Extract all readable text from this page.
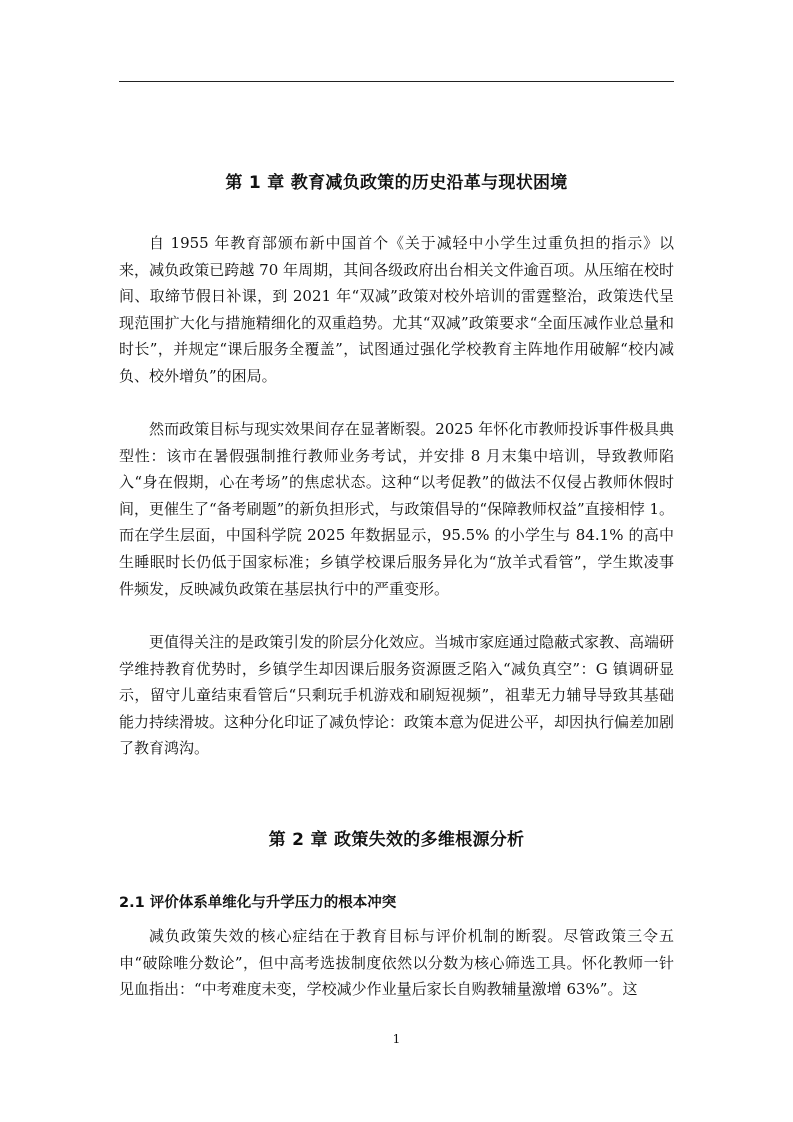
第 1 章 教育减负政策的历史沿革与现状困境

自 1955 年教育部颁布新中国首个《关于减轻中小学生过重负担的指示》以来，减负政策已跨越 70 年周期，其间各级政府出台相关文件逾百项。从压缩在校时间、取缔节假日补课，到 2021 年“双减”政策对校外培训的雷霆整治，政策迭代呈现范围扩大化与措施精细化的双重趋势。尤其“双减”政策要求“全面压减作业总量和时长”，并规定“课后服务全覆盖”，试图通过强化学校教育主阵地作用破解“校内减负、校外增负”的困局。

然而政策目标与现实效果间存在显著断裂。2025 年怀化市教师投诉事件极具典型性：该市在暑假强制推行教师业务考试，并安排 8 月末集中培训，导致教师陷入“身在假期，心在考场”的焦虑状态。这种“以考促教”的做法不仅侵占教师休假时间，更催生了“备考刷题”的新负担形式，与政策倡导的“保障教师权益”直接相悖 1。而在学生层面，中国科学院 2025 年数据显示，95.5% 的小学生与 84.1% 的高中生睡眠时长仍低于国家标准；乡镇学校课后服务异化为“放羊式看管”，学生欺凌事件频发，反映减负政策在基层执行中的严重变形。

更值得关注的是政策引发的阶层分化效应。当城市家庭通过隐蔽式家教、高端研学维持教育优势时，乡镇学生却因课后服务资源匮乏陷入“减负真空”：G 镇调研显示，留守儿童结束看管后“只剩玩手机游戏和刷短视频”，祖辈无力辅导导致其基础能力持续滑坡。这种分化印证了减负悖论：政策本意为促进公平，却因执行偏差加剧了教育鸿沟。

第 2 章 政策失效的多维根源分析
2.1 评价体系单维化与升学压力的根本冲突

减负政策失效的核心症结在于教育目标与评价机制的断裂。尽管政策三令五申“破除唯分数论”，但中高考选拔制度依然以分数为核心筛选工具。怀化教师一针见血指出：“中考难度未变，学校减少作业量后家长自购教辅量激增 63%”。这

1
